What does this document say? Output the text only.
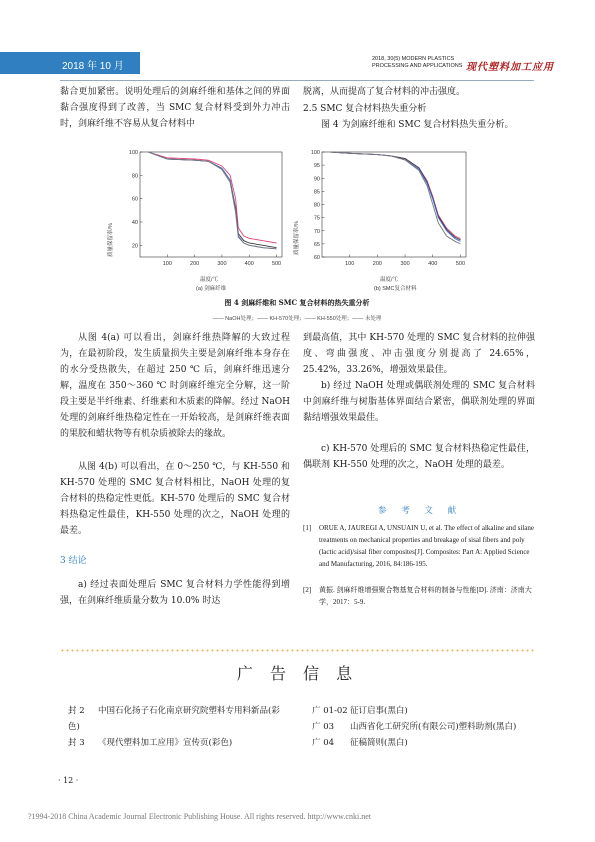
2018 年 10 月
2018, 30(5) MODERN PLASTICS
PROCESSING AND APPLICATIONS 现代塑料加工应用
黏合更加紧密。说明处理后的剑麻纤维和基体之间的界面黏合强度得到了改善，当 SMC 复合材料受到外力冲击时，剑麻纤维不容易从复合材料中
脱离，从而提高了复合材料的冲击强度。
2.5 SMC 复合材料热失重分析
图 4 为剑麻纤维和 SMC 复合材料热失重分析。
100
80
60
40
20
100	200	300	400	500
质量保留率/%
温度/℃
(a) 剑麻纤维
100
95
90
85
80
75
70
65
60
100	200	300	400	500
质量保留率/%
温度/℃
(b) SMC复合材料
图 4 剑麻纤维和 SMC 复合材料的热失重分析
—— NaOH处理；—— KH-570处理；—— KH-550处理；—— 未处理
从图 4(a) 可以看出，剑麻纤维热降解的大致过程为，在最初阶段，发生质量损失主要是剑麻纤维本身存在的水分受热散失，在超过 250 ℃ 后，剑麻纤维迅速分解，温度在 350～360 ℃ 时剑麻纤维完全分解，这一阶段主要是半纤维素、纤维素和木质素的降解。经过 NaOH 处理的剑麻纤维热稳定性在一开始较高，是剑麻纤维表面的果胶和蜡状物等有机杂质被除去的缘故。
从图 4(b) 可以看出，在 0～250 ℃，与 KH-550 和 KH-570 处理的 SMC 复合材料相比，NaOH 处理的复合材料的热稳定性更低。KH-570 处理后的 SMC 复合材料热稳定性最佳，KH-550 处理的次之，NaOH 处理的最差。
3 结论
a) 经过表面处理后 SMC 复合材料力学性能得到增强，在剑麻纤维质量分数为 10.0% 时达
到最高值，其中 KH-570 处理的 SMC 复合材料的拉伸强度、弯曲强度、冲击强度分别提高了 24.65%，25.42%，33.26%，增强效果最佳。
b) 经过 NaOH 处理或偶联剂处理的 SMC 复合材料中剑麻纤维与树脂基体界面结合紧密，偶联剂处理的界面黏结增强效果最佳。
c) KH-570 处理后的 SMC 复合材料热稳定性最佳，偶联剂 KH-550 处理的次之，NaOH 处理的最差。
参 考 文 献
[1]	ORUE A, JAUREGI A, UNSUAIN U, et al. The effect of alkaline and silane treatments on mechanical properties and breakage of sisal fibers and poly (lactic acid)/sisal fiber composites[J]. Composites: Part A: Applied Science and Manufacturing, 2016, 84:186-195.
[2]	黄振. 剑麻纤维增强聚合物基复合材料的制备与性能[D]. 济南：济南大学，2017：5-9.
广 告 信 息
封 2 中国石化扬子石化南京研究院塑料专用料新品(彩色)
封 3 《现代塑料加工应用》宣传页(彩色)
广 01-02 征订启事(黑白)
广 03 山西省化工研究所(有限公司)塑料助剂(黑白)
广 04 征稿简则(黑白)
· 12 ·
?1994-2018 China Academic Journal Electronic Publishing House. All rights reserved. http://www.cnki.net
